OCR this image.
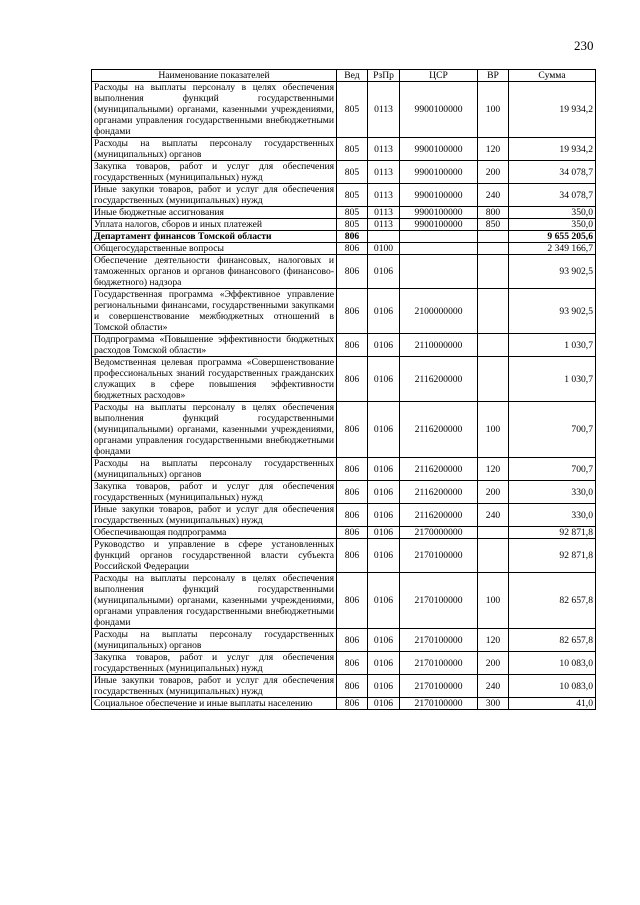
230
Наименование показателей	Вед	РзПр	ЦСР	ВР	Сумма
Расходы на выплаты персоналу в целях обеспечения выполнения функций государственными (муниципальными) органами, казенными учреждениями, органами управления государственными внебюджетными фондами	805	0113	9900100000	100	19 934,2
Расходы на выплаты персоналу государственных (муниципальных) органов	805	0113	9900100000	120	19 934,2
Закупка товаров, работ и услуг для обеспечения государственных (муниципальных) нужд	805	0113	9900100000	200	34 078,7
Иные закупки товаров, работ и услуг для обеспечения государственных (муниципальных) нужд	805	0113	9900100000	240	34 078,7
Иные бюджетные ассигнования	805	0113	9900100000	800	350,0
Уплата налогов, сборов и иных платежей	805	0113	9900100000	850	350,0
Департамент финансов Томской области	806				9 655 205,6
Общегосударственные вопросы	806	0100			2 349 166,7
Обеспечение деятельности финансовых, налоговых и таможенных органов и органов финансового (финансово-бюджетного) надзора	806	0106			93 902,5
Государственная программа «Эффективное управление региональными финансами, государственными закупками и совершенствование межбюджетных отношений в Томской области»	806	0106	2100000000		93 902,5
Подпрограмма «Повышение эффективности бюджетных расходов Томской области»	806	0106	2110000000		1 030,7
Ведомственная целевая программа «Совершенствование профессиональных знаний государственных гражданских служащих в сфере повышения эффективности бюджетных расходов»	806	0106	2116200000		1 030,7
Расходы на выплаты персоналу в целях обеспечения выполнения функций государственными (муниципальными) органами, казенными учреждениями, органами управления государственными внебюджетными фондами	806	0106	2116200000	100	700,7
Расходы на выплаты персоналу государственных (муниципальных) органов	806	0106	2116200000	120	700,7
Закупка товаров, работ и услуг для обеспечения государственных (муниципальных) нужд	806	0106	2116200000	200	330,0
Иные закупки товаров, работ и услуг для обеспечения государственных (муниципальных) нужд	806	0106	2116200000	240	330,0
Обеспечивающая подпрограмма	806	0106	2170000000		92 871,8
Руководство и управление в сфере установленных функций органов государственной власти субъекта Российской Федерации	806	0106	2170100000		92 871,8
Расходы на выплаты персоналу в целях обеспечения выполнения функций государственными (муниципальными) органами, казенными учреждениями, органами управления государственными внебюджетными фондами	806	0106	2170100000	100	82 657,8
Расходы на выплаты персоналу государственных (муниципальных) органов	806	0106	2170100000	120	82 657,8
Закупка товаров, работ и услуг для обеспечения государственных (муниципальных) нужд	806	0106	2170100000	200	10 083,0
Иные закупки товаров, работ и услуг для обеспечения государственных (муниципальных) нужд	806	0106	2170100000	240	10 083,0
Социальное обеспечение и иные выплаты населению	806	0106	2170100000	300	41,0
